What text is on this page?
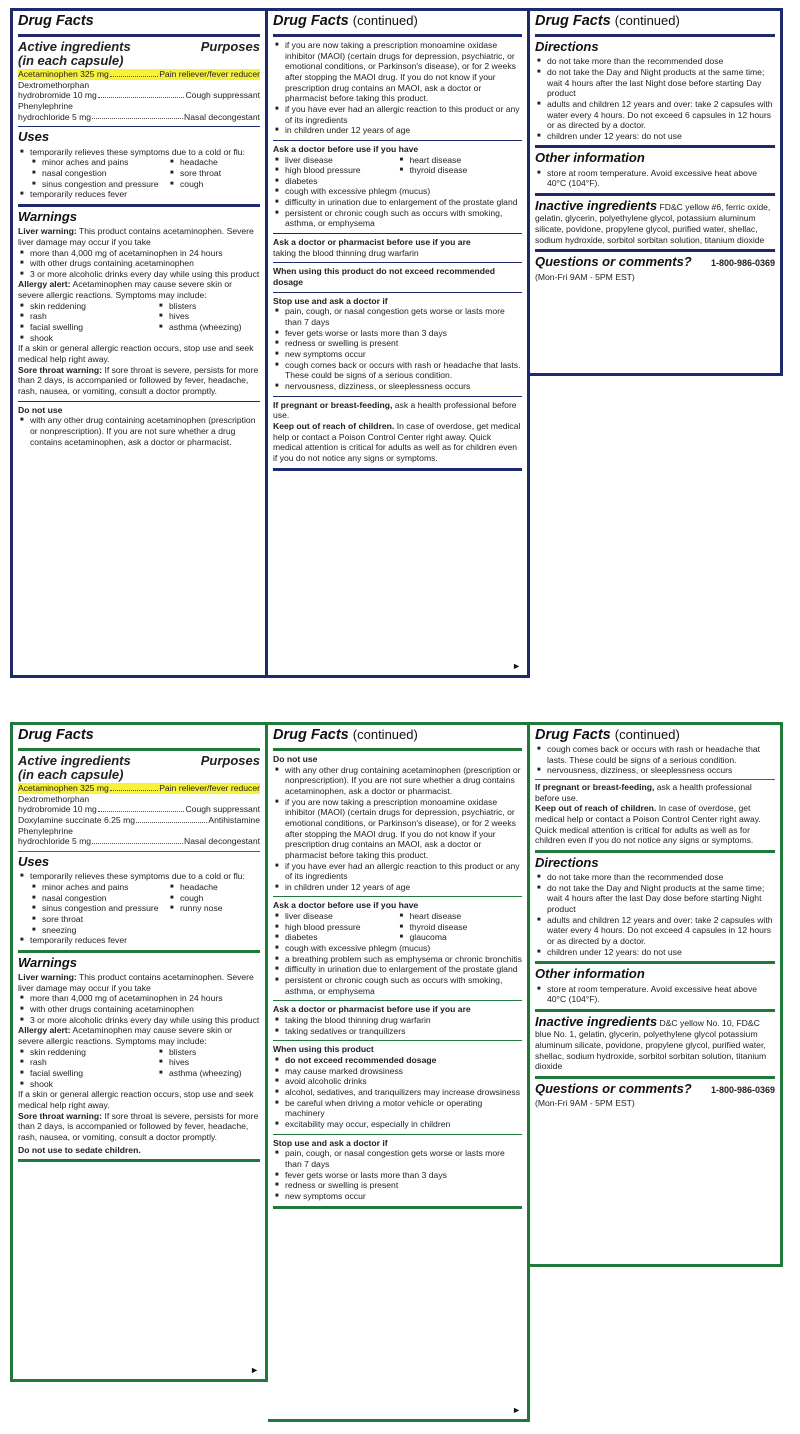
Drug Facts
Active ingredients
(in each capsule)
Purposes
Acetaminophen 325 mg	Pain reliever/fever reducer
Dextromethorphan
hydrobromide 10 mg	Cough suppressant
Phenylephrine
hydrochloride 5 mg	Nasal decongestant
Uses
■ temporarily relieves these symptoms due to a cold or flu:
■ minor aches and pains	■ headache
■ nasal congestion	■ sore throat
■ sinus congestion and pressure	■ cough
■ temporarily reduces fever
Warnings
Liver warning: This product contains acetaminophen. Severe liver damage may occur if you take
■ more than 4,000 mg of acetaminophen in 24 hours
■ with other drugs containing acetaminophen
■ 3 or more alcoholic drinks every day while using this product
Allergy alert: Acetaminophen may cause severe skin or severe allergic reactions. Symptoms may include:
■ skin reddening	■ blisters
■ rash	■ hives
■ facial swelling	■ asthma (wheezing)
■ shook
If a skin or general allergic reaction occurs, stop use and seek medical help right away.
Sore throat warning: If sore throat is severe, persists for more than 2 days, is accompanied or followed by fever, headache, rash, nausea, or vomiting, consult a doctor promptly.
Do not use
■ with any other drug containing acetaminophen (prescription or nonprescription). If you are not sure whether a drug contains acetaminophen, ask a doctor or pharmacist.
Drug Facts (continued)
■ if you are now taking a prescription monoamine oxidase inhibitor (MAOI) (certain drugs for depression, psychiatric, or emotional conditions, or Parkinson's disease), or for 2 weeks after stopping the MAOI drug. If you do not know if your prescription drug contains an MAOI, ask a doctor or pharmacist before taking this product.
■ if you have ever had an allergic reaction to this product or any of its ingredients
■ in children under 12 years of age
Ask a doctor before use if you have
■ liver disease	■ heart disease
■ high blood pressure	■ thyroid disease
■ diabetes
■ cough with excessive phlegm (mucus)
■ difficulty in urination due to enlargement of the prostate gland
■ persistent or chronic cough such as occurs with smoking, asthma, or emphysema
Ask a doctor or pharmacist before use if you are
taking the blood thinning drug warfarin
When using this product do not exceed recommended dosage
Stop use and ask a doctor if
■ pain, cough, or nasal congestion gets worse or lasts more than 7 days
■ fever gets worse or lasts more than 3 days
■ redness or swelling is present
■ new symptoms occur
■ cough comes back or occurs with rash or headache that lasts. These could be signs of a serious condition.
■ nervousness, dizziness, or sleeplessness occurs
If pregnant or breast-feeding, ask a health professional before use.
Keep out of reach of children. In case of overdose, get medical help or contact a Poison Control Center right away. Quick medical attention is critical for adults as well as for children even if you do not notice any signs or symptoms.
►
Drug Facts (continued)
Directions
■ do not take more than the recommended dose
■ do not take the Day and Night products at the same time; wait 4 hours after the last Night dose before starting Day product
■ adults and children 12 years and over: take 2 capsules with water every 4 hours. Do not exceed 6 capsules in 12 hours or as directed by a doctor.
■ children under 12 years: do not use
Other information
■ store at room temperature. Avoid excessive heat above 40°C (104°F).
Inactive ingredients FD&C yellow #6, ferric oxide, gelatin, glycerin, polyethylene glycol, potassium aluminum silicate, povidone, propylene glycol, purified water, shellac, sodium hydroxide, sorbitol sorbitan solution, titanium dioxide
Questions or comments? 1-800-986-0369
(Mon-Fri 9AM - 5PM EST)
Drug Facts
Active ingredients
(in each capsule)
Purposes
Acetaminophen 325 mg	Pain reliever/fever reducer
Dextromethorphan
hydrobromide 10 mg	Cough suppressant
Doxylamine succinate 6.25 mg	Antihistamine
Phenylephrine
hydrochloride 5 mg	Nasal decongestant
Uses
■ temporarily relieves these symptoms due to a cold or flu:
■ minor aches and pains	■ headache
■ nasal congestion	■ cough
■ sinus congestion and pressure	■ runny nose
■ sore throat
■ sneezing
■ temporarily reduces fever
Warnings
Liver warning: This product contains acetaminophen. Severe liver damage may occur if you take
■ more than 4,000 mg of acetaminophen in 24 hours
■ with other drugs containing acetaminophen
■ 3 or more alcoholic drinks every day while using this product
Allergy alert: Acetaminophen may cause severe skin or severe allergic reactions. Symptoms may include:
■ skin reddening	■ blisters
■ rash	■ hives
■ facial swelling	■ asthma (wheezing)
■ shook
If a skin or general allergic reaction occurs, stop use and seek medical help right away.
Sore throat warning: If sore throat is severe, persists for more than 2 days, is accompanied or followed by fever, headache, rash, nausea, or vomiting, consult a doctor promptly.
Do not use to sedate children.
►
Drug Facts (continued)
Do not use
■ with any other drug containing acetaminophen (prescription or nonprescription). If you are not sure whether a drug contains acetaminophen, ask a doctor or pharmacist.
■ if you are now taking a prescription monoamine oxidase inhibitor (MAOI) (certain drugs for depression, psychiatric, or emotional conditions, or Parkinson's disease), or for 2 weeks after stopping the MAOI drug. If you do not know if your prescription drug contains an MAOI, ask a doctor or pharmacist before taking this product.
■ if you have ever had an allergic reaction to this product or any of its ingredients
■ in children under 12 years of age
Ask a doctor before use if you have
■ liver disease	■ heart disease
■ high blood pressure	■ thyroid disease
■ diabetes	■ glaucoma
■ cough with excessive phlegm (mucus)
■ a breathing problem such as emphysema or chronic bronchitis
■ difficulty in urination due to enlargement of the prostate gland
■ persistent or chronic cough such as occurs with smoking, asthma, or emphysema
Ask a doctor or pharmacist before use if you are
■ taking the blood thinning drug warfarin
■ taking sedatives or tranquilizers
When using this product
■ do not exceed recommended dosage
■ may cause marked drowsiness
■ avoid alcoholic drinks
■ alcohol, sedatives, and tranquilizers may increase drowsiness
■ be careful when driving a motor vehicle or operating machinery
■ excitability may occur, especially in children
Stop use and ask a doctor if
■ pain, cough, or nasal congestion gets worse or lasts more than 7 days
■ fever gets worse or lasts more than 3 days
■ redness or swelling is present
■ new symptoms occur
►
Drug Facts (continued)
■ cough comes back or occurs with rash or headache that lasts. These could be signs of a serious condition.
■ nervousness, dizziness, or sleeplessness occurs
If pregnant or breast-feeding, ask a health professional before use.
Keep out of reach of children. In case of overdose, get medical help or contact a Poison Control Center right away. Quick medical attention is critical for adults as well as for children even if you do not notice any signs or symptoms.
Directions
■ do not take more than the recommended dose
■ do not take the Day and Night products at the same time; wait 4 hours after the last Day dose before starting Night product
■ adults and children 12 years and over: take 2 capsules with water every 4 hours. Do not exceed 4 capsules in 12 hours or as directed by a doctor.
■ children under 12 years: do not use
Other information
■ store at room temperature. Avoid excessive heat above 40°C (104°F).
Inactive ingredients D&C yellow No. 10, FD&C blue No. 1, gelatin, glycerin, polyethylene glycol potassium aluminum silicate, povidone, propylene glycol, purified water, shellac, sodium hydroxide, sorbitol sorbitan solution, titanium dioxide
Questions or comments? 1-800-986-0369
(Mon-Fri 9AM - 5PM EST)
